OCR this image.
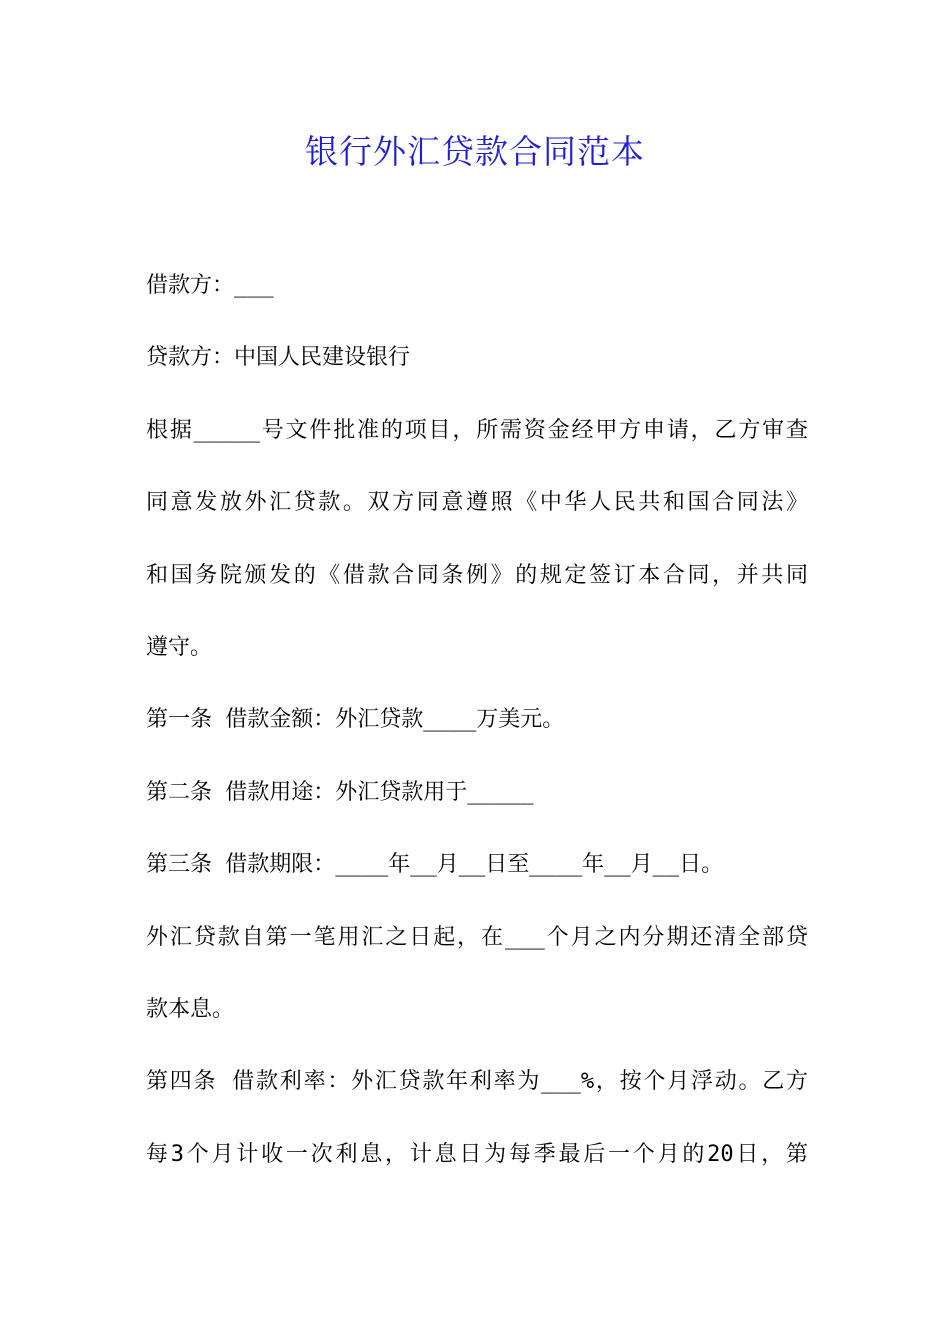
银行外汇贷款合同范本

借款方：___

贷款方：中国人民建设银行

根据_____号文件批准的项目，所需资金经甲方申请，乙方审查

同意发放外汇贷款。双方同意遵照《中华人民共和国合同法》

和国务院颁发的《借款合同条例》的规定签订本合同，并共同

遵守。

第一条 借款金额：外汇贷款____万美元。

第二条 借款用途：外汇贷款用于_____

第三条 借款期限：____年__月__日至____年__月__日。

外汇贷款自第一笔用汇之日起，在___个月之内分期还清全部贷

款本息。

第四条 借款利率：外汇贷款年利率为___%，按个月浮动。乙方

每3个月计收一次利息，计息日为每季最后一个月的20日，第
